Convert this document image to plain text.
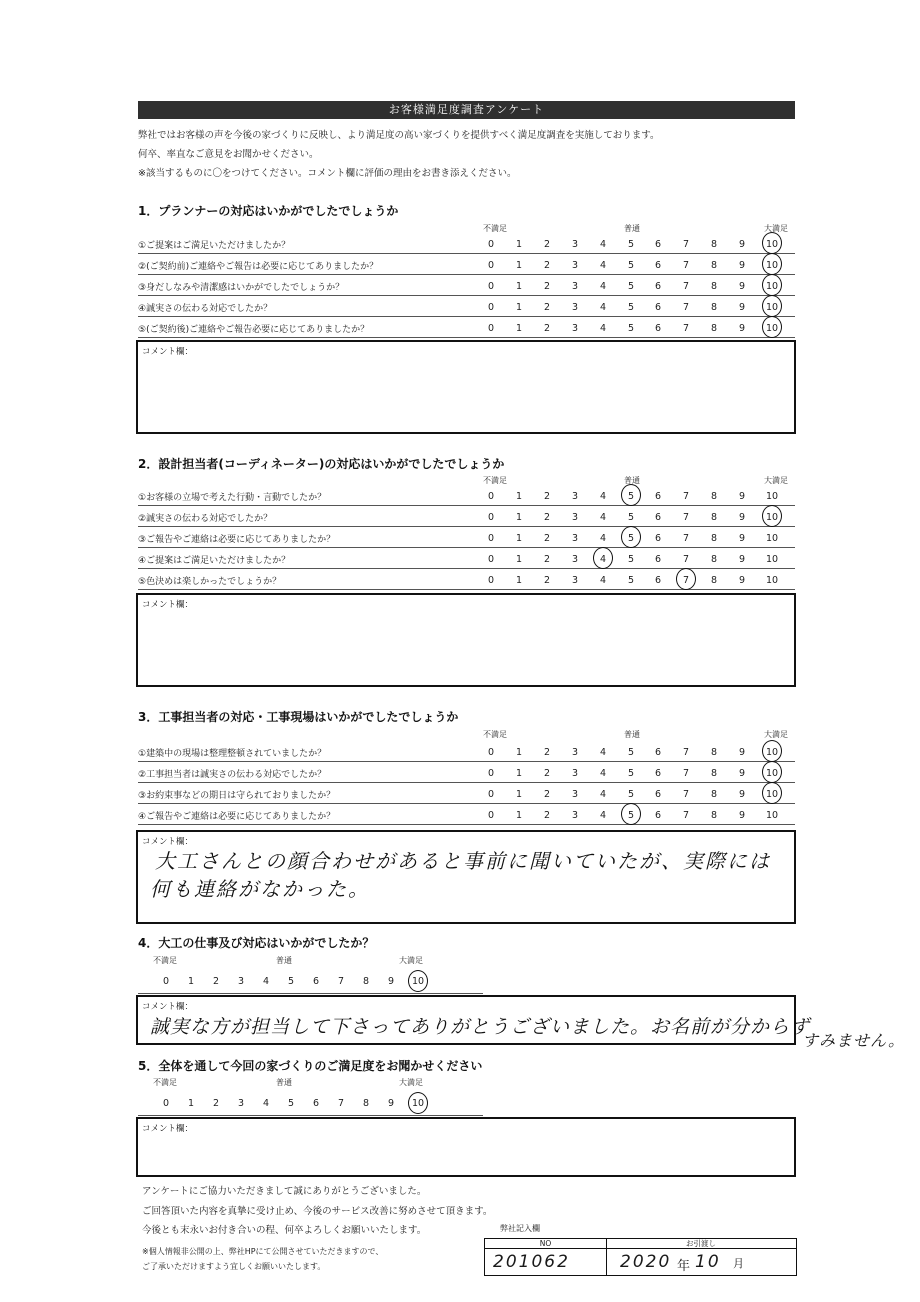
お客様満足度調査アンケート
弊社ではお客様の声を今後の家づくりに反映し、より満足度の高い家づくりを提供すべく満足度調査を実施しております。
何卒、率直なご意見をお聞かせください。
※該当するものに〇をつけてください。コメント欄に評価の理由をお書き添えください。
1．プランナーの対応はいかがでしたでしょうか
不満足	普通	大満足
①ご提案はご満足いただけましたか？	0	1	2	3	4	5	6	7	8	9	10
②(ご契約前)ご連絡やご報告は必要に応じてありましたか？	0	1	2	3	4	5	6	7	8	9	10
③身だしなみや清潔感はいかがでしたでしょうか？	0	1	2	3	4	5	6	7	8	9	10
④誠実さの伝わる対応でしたか？	0	1	2	3	4	5	6	7	8	9	10
⑤(ご契約後)ご連絡やご報告必要に応じてありましたか？	0	1	2	3	4	5	6	7	8	9	10
コメント欄：
2．設計担当者(コーディネーター)の対応はいかがでしたでしょうか
不満足	普通	大満足
①お客様の立場で考えた行動・言動でしたか？	0	1	2	3	4	5	6	7	8	9	10
②誠実さの伝わる対応でしたか？	0	1	2	3	4	5	6	7	8	9	10
③ご報告やご連絡は必要に応じてありましたか？	0	1	2	3	4	5	6	7	8	9	10
④ご提案はご満足いただけましたか？	0	1	2	3	4	5	6	7	8	9	10
⑤色決めは楽しかったでしょうか？	0	1	2	3	4	5	6	7	8	9	10
コメント欄：
3．工事担当者の対応・工事現場はいかがでしたでしょうか
不満足	普通	大満足
①建築中の現場は整理整頓されていましたか？	0	1	2	3	4	5	6	7	8	9	10
②工事担当者は誠実さの伝わる対応でしたか？	0	1	2	3	4	5	6	7	8	9	10
③お約束事などの期日は守られておりましたか？	0	1	2	3	4	5	6	7	8	9	10
④ご報告やご連絡は必要に応じてありましたか？	0	1	2	3	4	5	6	7	8	9	10
コメント欄：
4．大工の仕事及び対応はいかがでしたか？
不満足	普通	大満足
0	1	2	3	4	5	6	7	8	9	10
コメント欄：
5．全体を通して今回の家づくりのご満足度をお聞かせください
不満足	普通	大満足
0	1	2	3	4	5	6	7	8	9	10
コメント欄：
大工さんとの顔合わせがあると事前に聞いていたが、実際には
何も連絡がなかった。
誠実な方が担当して下さってありがとうございました。お名前が分からず
すみません。
アンケートにご協力いただきまして誠にありがとうございました。
ご回答頂いた内容を真摯に受け止め、今後のサービス改善に努めさせて頂きます。
今後とも末永いお付き合いの程、何卒よろしくお願いいたします。
※個人情報非公開の上、弊社HPにて公開させていただきますので、
ご了承いただけますよう宜しくお願いいたします。
弊社記入欄
NO	お引渡し
201062	2020 年 10 月
